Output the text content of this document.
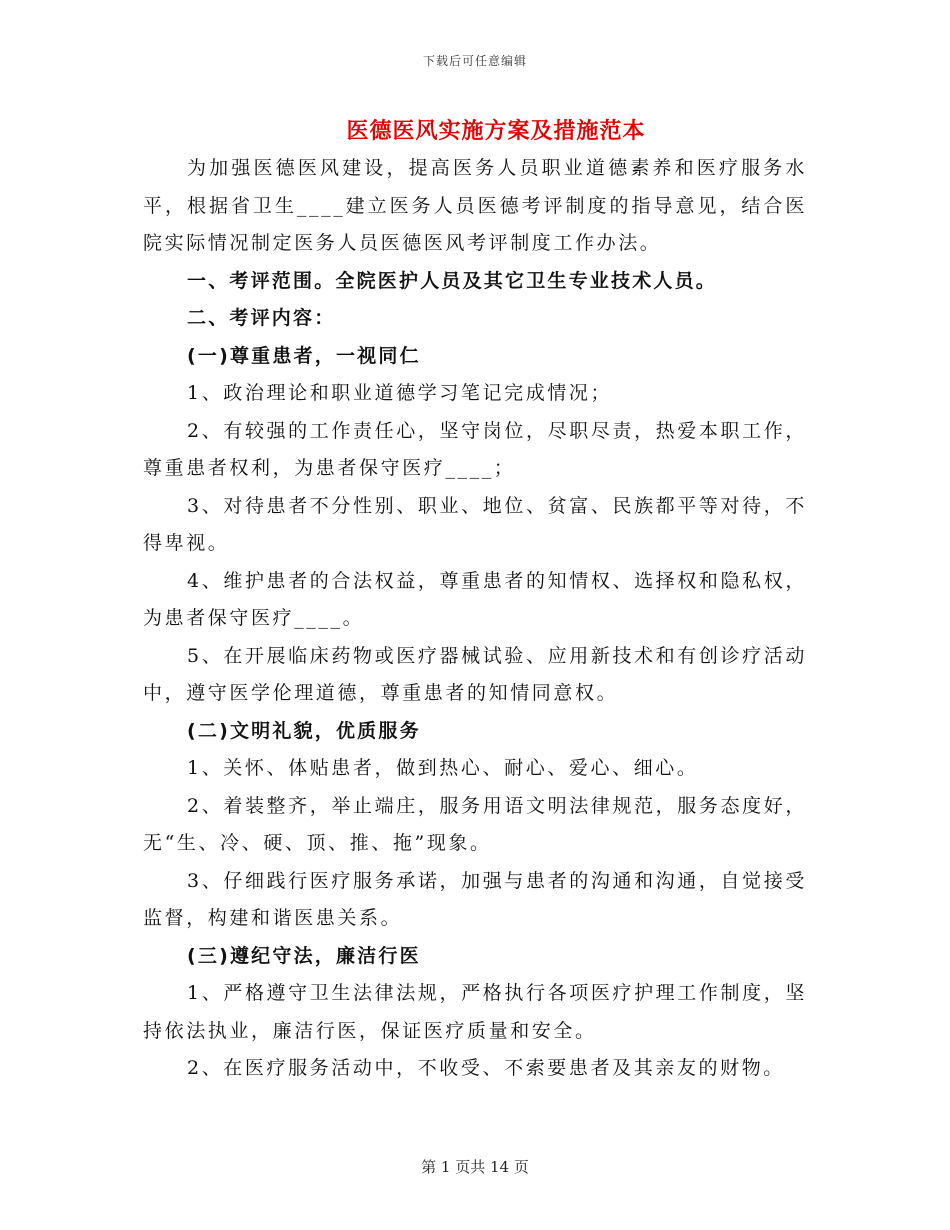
下载后可任意编辑
医德医风实施方案及措施范本

为加强医德医风建设，提高医务人员职业道德素养和医疗服务水平，根据省卫生____建立医务人员医德考评制度的指导意见，结合医院实际情况制定医务人员医德医风考评制度工作办法。

一、考评范围。全院医护人员及其它卫生专业技术人员。

二、考评内容：

(一)尊重患者，一视同仁

1、政治理论和职业道德学习笔记完成情况；

2、有较强的工作责任心，坚守岗位，尽职尽责，热爱本职工作，尊重患者权利，为患者保守医疗____；

3、对待患者不分性别、职业、地位、贫富、民族都平等对待，不得卑视。

4、维护患者的合法权益，尊重患者的知情权、选择权和隐私权，为患者保守医疗____。

5、在开展临床药物或医疗器械试验、应用新技术和有创诊疗活动中，遵守医学伦理道德，尊重患者的知情同意权。

(二)文明礼貌，优质服务

1、关怀、体贴患者，做到热心、耐心、爱心、细心。

2、着装整齐，举止端庄，服务用语文明法律规范，服务态度好，无“生、冷、硬、顶、推、拖”现象。

3、仔细践行医疗服务承诺，加强与患者的沟通和沟通，自觉接受监督，构建和谐医患关系。

(三)遵纪守法，廉洁行医

1、严格遵守卫生法律法规，严格执行各项医疗护理工作制度，坚持依法执业，廉洁行医，保证医疗质量和安全。

2、在医疗服务活动中，不收受、不索要患者及其亲友的财物。

第 1 页共 14 页
